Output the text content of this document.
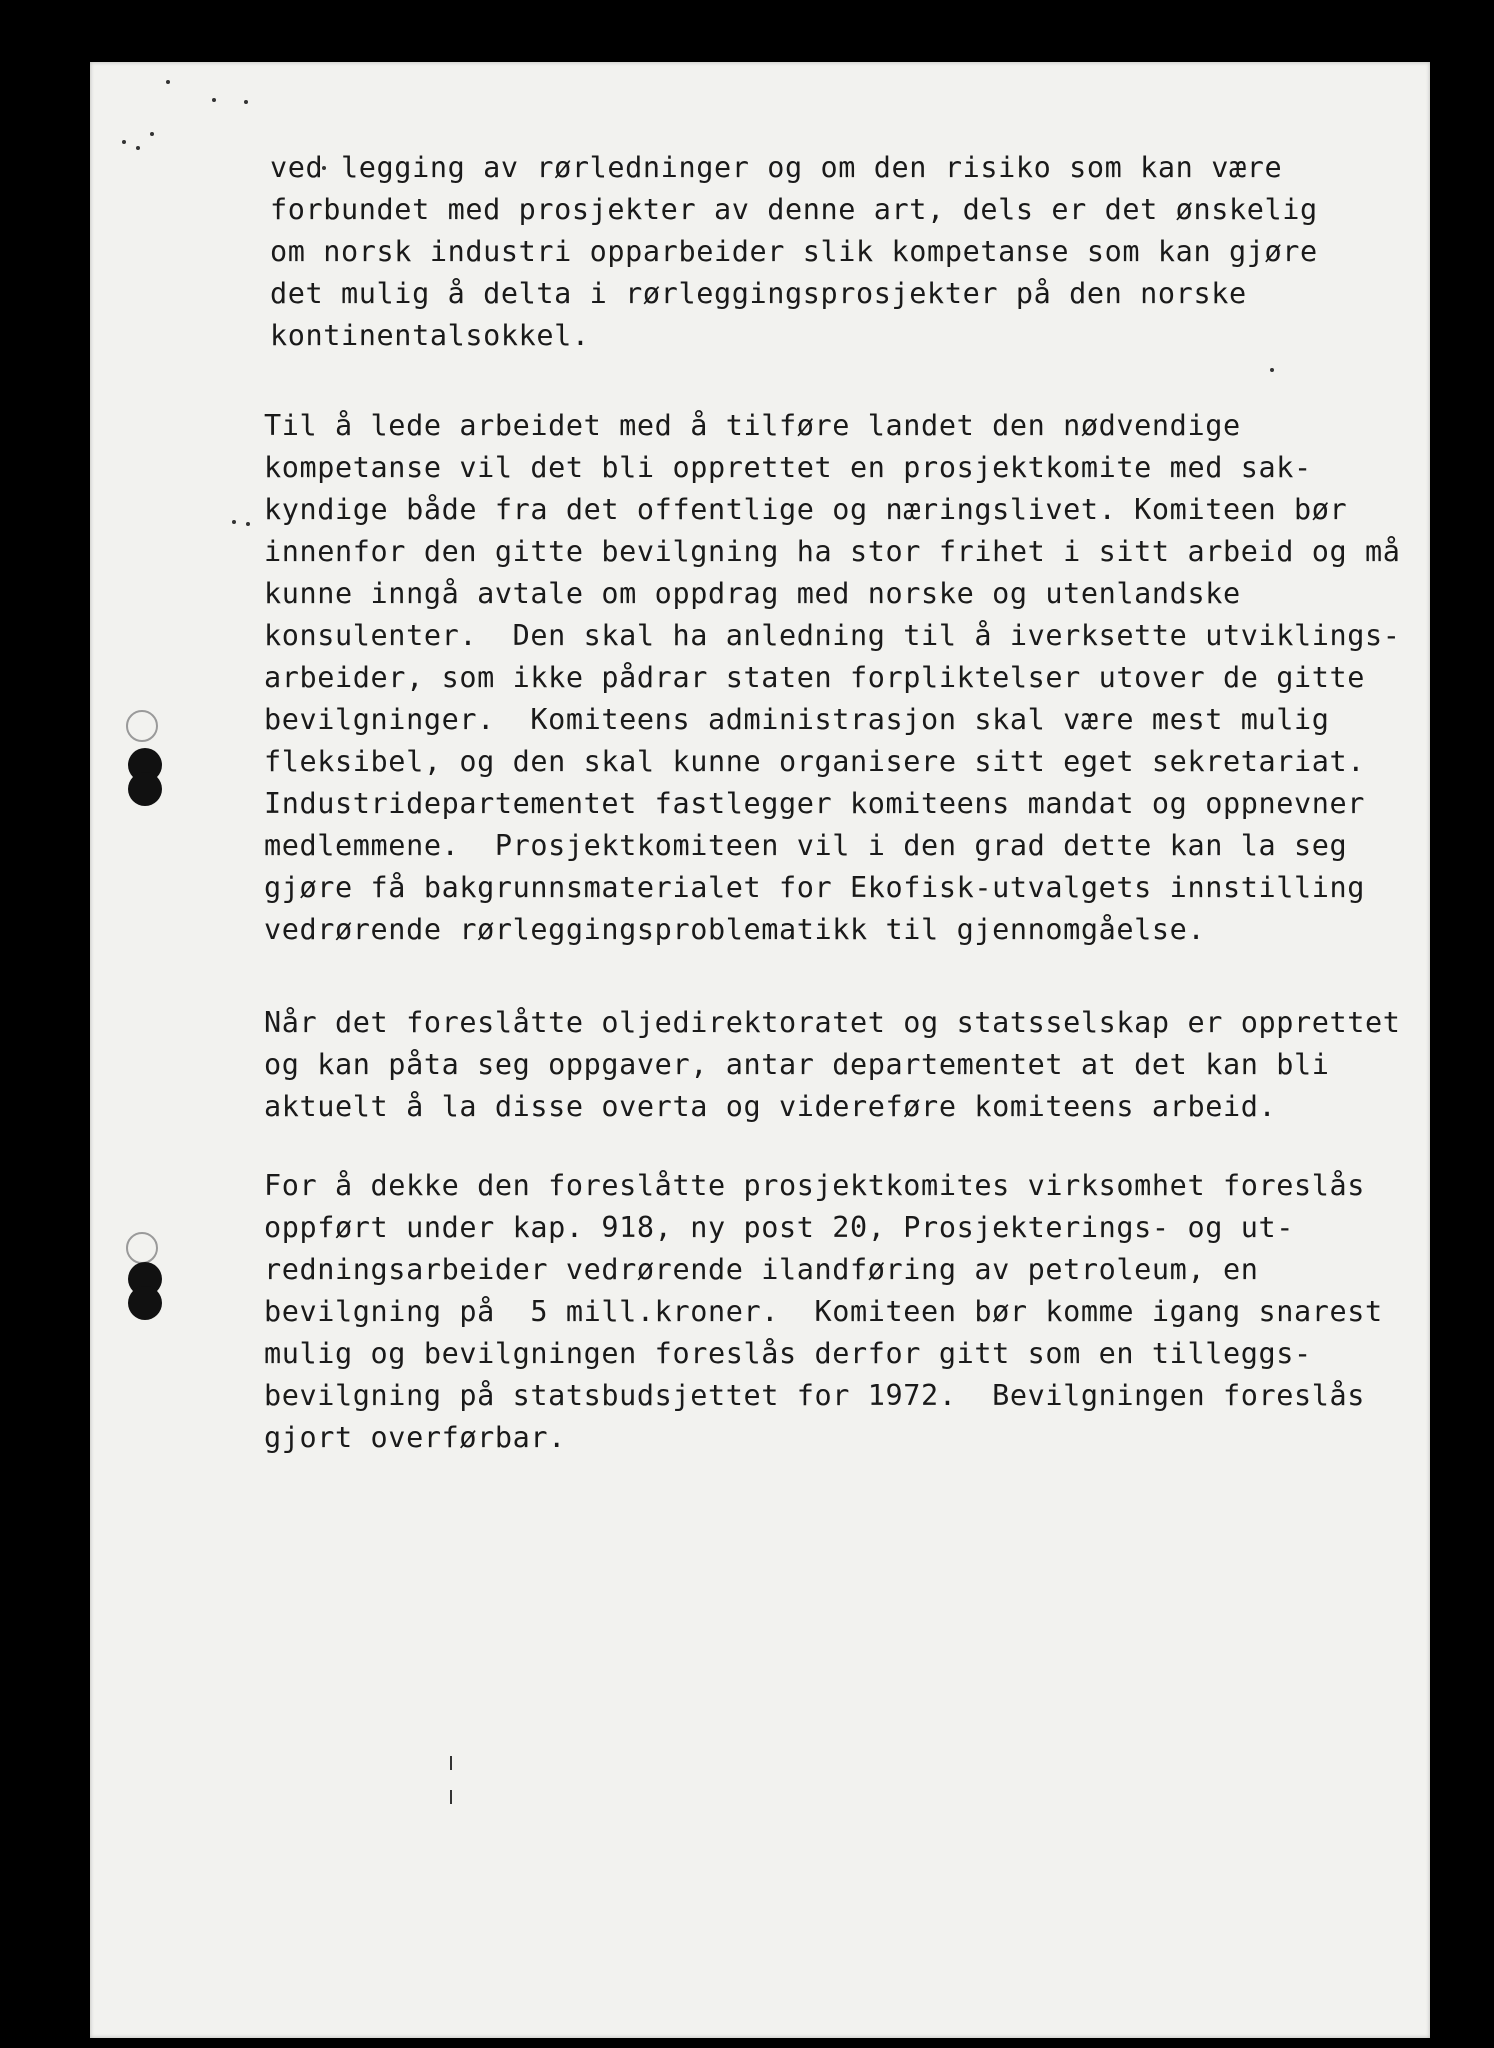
ved legging av rørledninger og om den risiko som kan være
forbundet med prosjekter av denne art, dels er det ønskelig
om norsk industri opparbeider slik kompetanse som kan gjøre
det mulig å delta i rørleggingsprosjekter på den norske
kontinentalsokkel.
Til å lede arbeidet med å tilføre landet den nødvendige
kompetanse vil det bli opprettet en prosjektkomite med sak-
kyndige både fra det offentlige og næringslivet. Komiteen bør
innenfor den gitte bevilgning ha stor frihet i sitt arbeid og må
kunne inngå avtale om oppdrag med norske og utenlandske
konsulenter.  Den skal ha anledning til å iverksette utviklings-
arbeider, som ikke pådrar staten forpliktelser utover de gitte
bevilgninger.  Komiteens administrasjon skal være mest mulig
fleksibel, og den skal kunne organisere sitt eget sekretariat.
Industridepartementet fastlegger komiteens mandat og oppnevner
medlemmene.  Prosjektkomiteen vil i den grad dette kan la seg
gjøre få bakgrunnsmaterialet for Ekofisk-utvalgets innstilling
vedrørende rørleggingsproblematikk til gjennomgåelse.
Når det foreslåtte oljedirektoratet og statsselskap er opprettet
og kan påta seg oppgaver, antar departementet at det kan bli
aktuelt å la disse overta og videreføre komiteens arbeid.
For å dekke den foreslåtte prosjektkomites virksomhet foreslås
oppført under kap. 918, ny post 20, Prosjekterings- og ut-
redningsarbeider vedrørende ilandføring av petroleum, en
bevilgning på  5 mill.kroner.  Komiteen bør komme igang snarest
mulig og bevilgningen foreslås derfor gitt som en tilleggs-
bevilgning på statsbudsjettet for 1972.  Bevilgningen foreslås
gjort overførbar.
